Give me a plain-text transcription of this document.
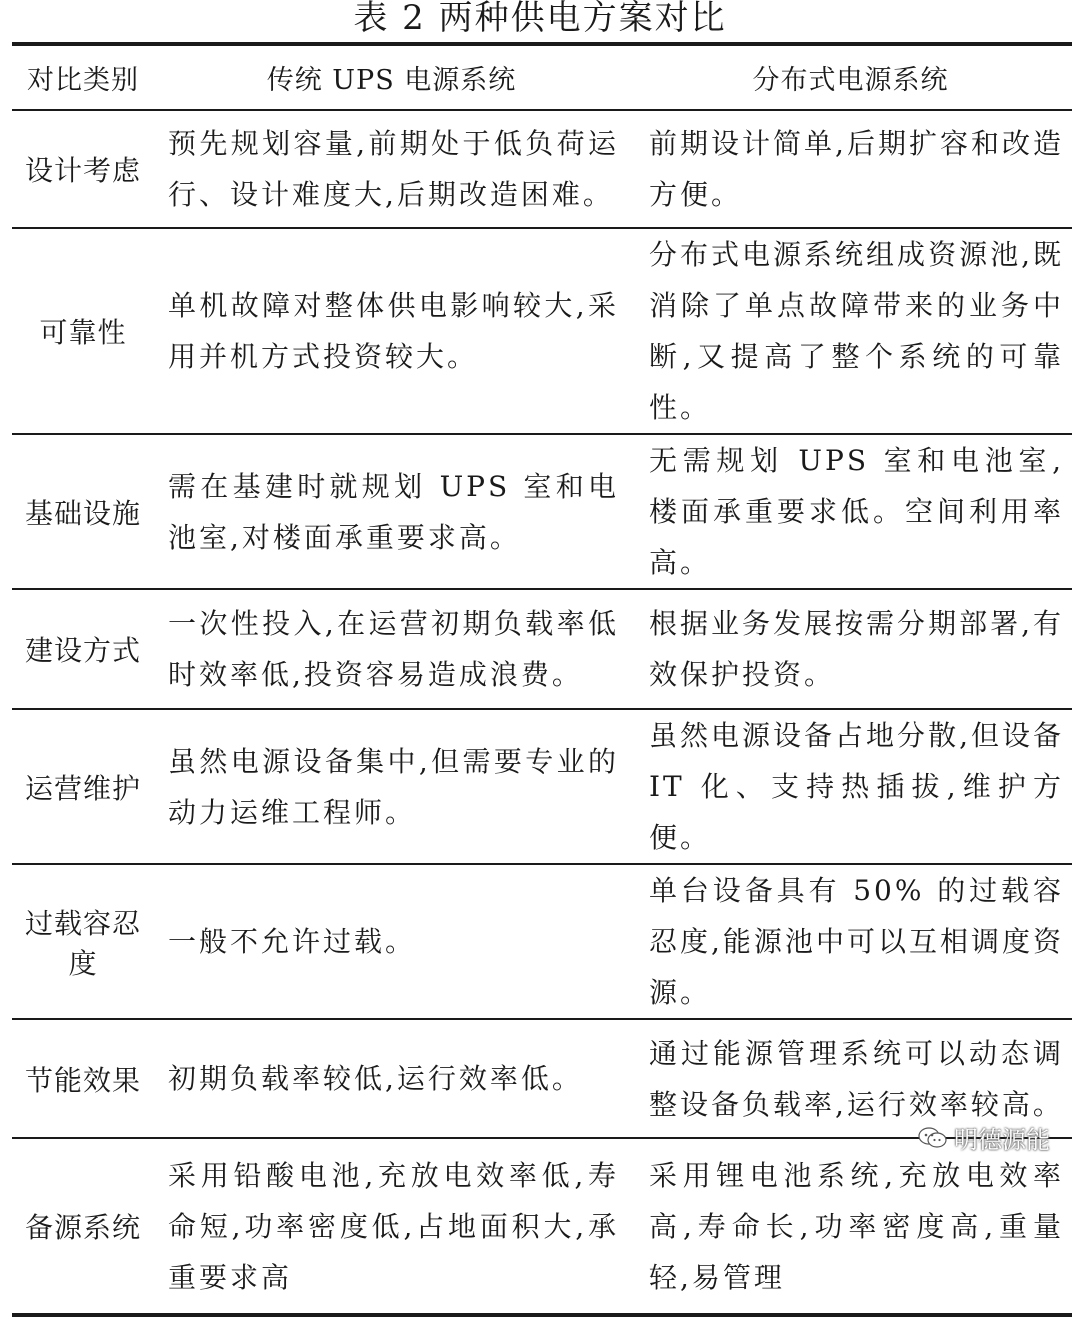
表 2 两种供电方案对比
对比类别	传统 UPS 电源系统	分布式电源系统
设计考虑	预先规划容量,前期处于低负荷运行、设计难度大,后期改造困难。	前期设计简单,后期扩容和改造方便。
可靠性	单机故障对整体供电影响较大,采用并机方式投资较大。	分布式电源系统组成资源池,既消除了单点故障带来的业务中断,又提高了整个系统的可靠性。
基础设施	需在基建时就规划 UPS 室和电池室,对楼面承重要求高。	无需规划 UPS 室和电池室,楼面承重要求低。空间利用率高。
建设方式	一次性投入,在运营初期负载率低时效率低,投资容易造成浪费。	根据业务发展按需分期部署,有效保护投资。
运营维护	虽然电源设备集中,但需要专业的动力运维工程师。	虽然电源设备占地分散,但设备 IT 化、支持热插拔,维护方便。
过载容忍度	一般不允许过载。	单台设备具有 50% 的过载容忍度,能源池中可以互相调度资源。
节能效果	初期负载率较低,运行效率低。	通过能源管理系统可以动态调整设备负载率,运行效率较高。
备源系统	采用铅酸电池,充放电效率低,寿命短,功率密度低,占地面积大,承重要求高	采用锂电池系统,充放电效率高,寿命长,功率密度高,重量轻,易管理
明德源能
